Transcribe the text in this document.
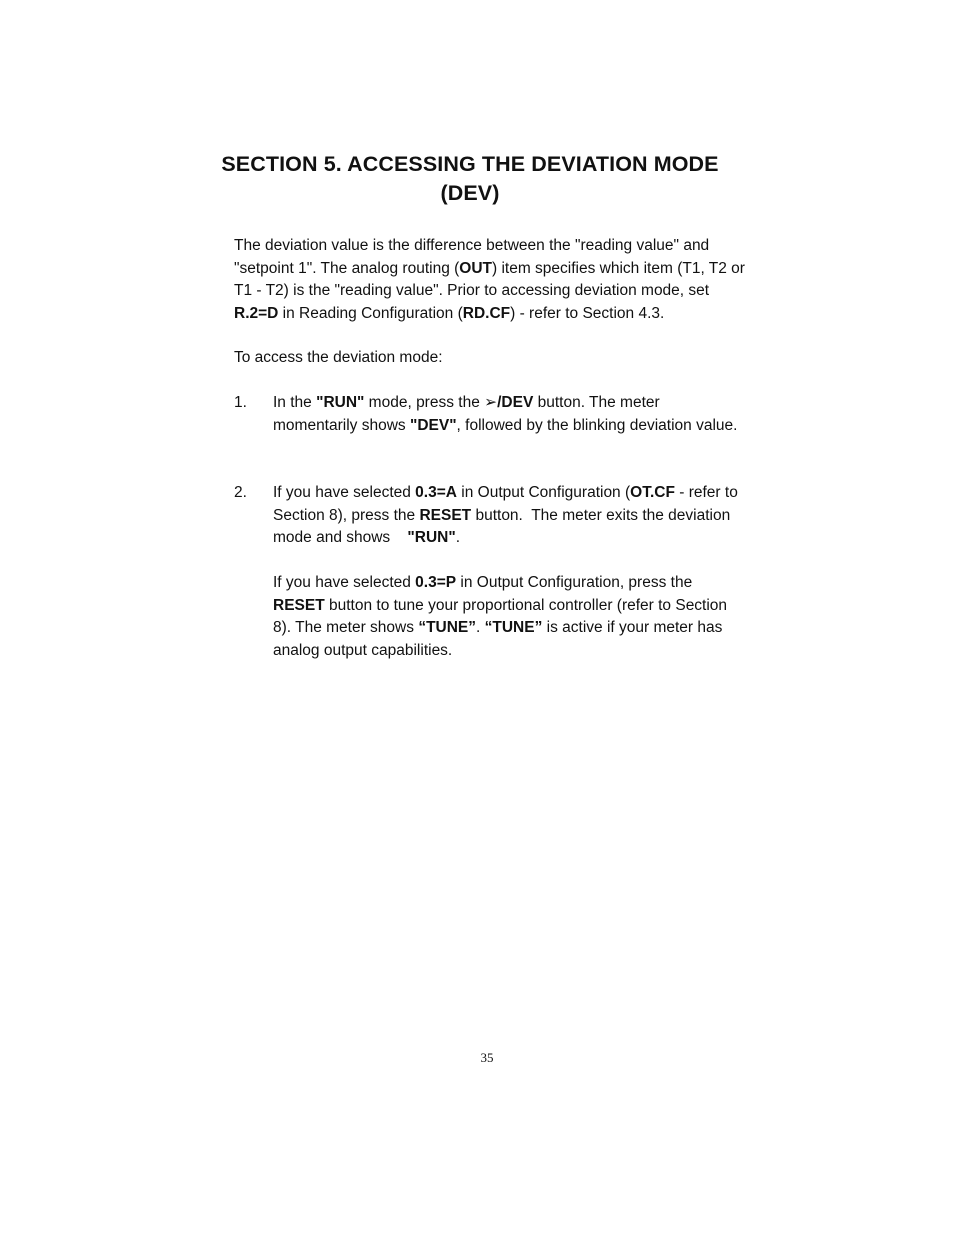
SECTION 5. ACCESSING THE DEVIATION MODE
(DEV)

The deviation value is the difference between the "reading value" and "setpoint 1". The analog routing (OUT) item specifies which item (T1, T2 or T1 - T2) is the "reading value". Prior to accessing deviation mode, set R.2=D in Reading Configuration (RD.CF) - refer to Section 4.3.

To access the deviation mode:

1. In the "RUN" mode, press the ➢/DEV button. The meter momentarily shows "DEV", followed by the blinking deviation value.

2. If you have selected 0.3=A in Output Configuration (OT.CF - refer to Section 8), press the RESET button.  The meter exits the deviation mode and shows    "RUN".

If you have selected 0.3=P in Output Configuration, press the RESET button to tune your proportional controller (refer to Section 8). The meter shows “TUNE”. “TUNE” is active if your meter has analog output capabilities.

35
